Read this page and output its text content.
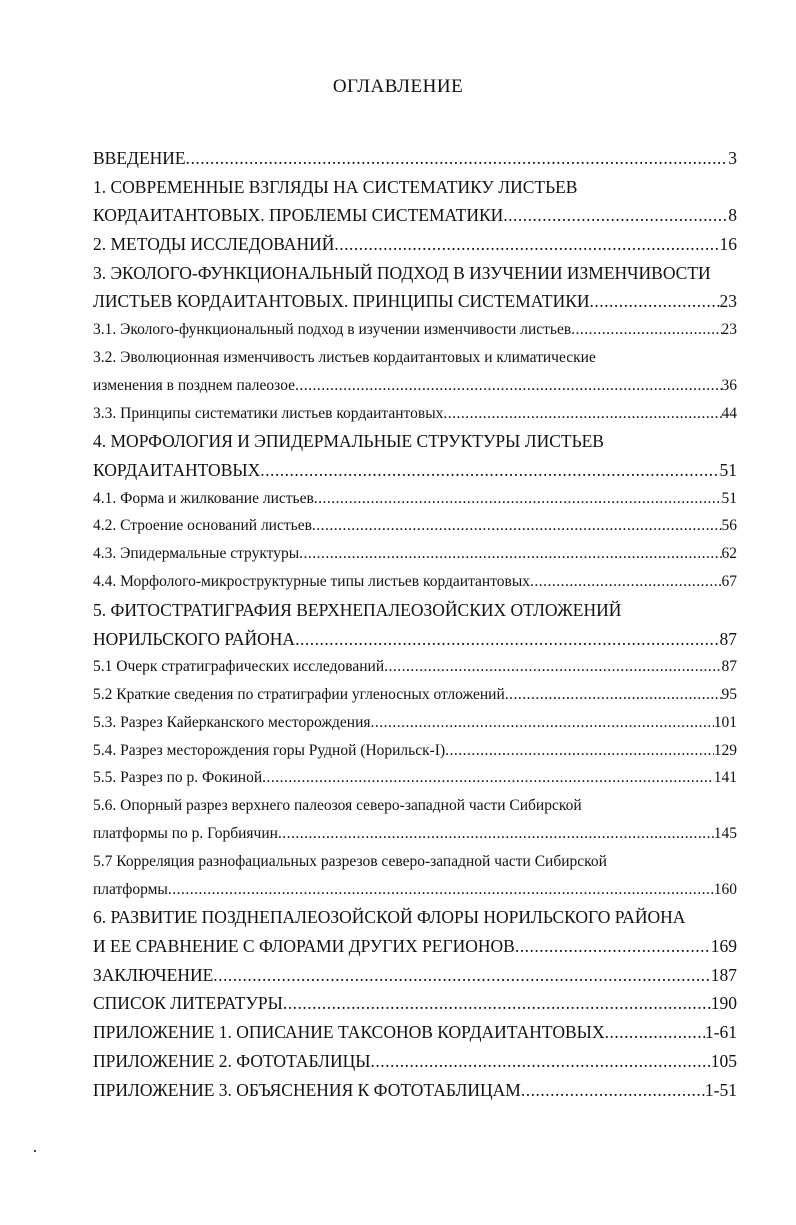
ОГЛАВЛЕНИЕ
ВВЕДЕНИЕ .....	3
1. СОВРЕМЕННЫЕ ВЗГЛЯДЫ НА СИСТЕМАТИКУ ЛИСТЬЕВ
КОРДАИТАНТОВЫХ. ПРОБЛЕМЫ СИСТЕМАТИКИ .....	8
2. МЕТОДЫ ИССЛЕДОВАНИЙ .....	16
3. ЭКОЛОГО-ФУНКЦИОНАЛЬНЫЙ ПОДХОД В ИЗУЧЕНИИ ИЗМЕНЧИВОСТИ
ЛИСТЬЕВ КОРДАИТАНТОВЫХ. ПРИНЦИПЫ СИСТЕМАТИКИ .....	23
3.1. Эколого-функциональный подход в изучении изменчивости листьев .....	23
3.2. Эволюционная изменчивость листьев кордаитантовых и климатические
изменения в позднем палеозое .....	36
3.3. Принципы систематики листьев кордаитантовых .....	44
4. МОРФОЛОГИЯ И ЭПИДЕРМАЛЬНЫЕ СТРУКТУРЫ ЛИСТЬЕВ
КОРДАИТАНТОВЫХ .....	51
4.1. Форма и жилкование листьев .....	51
4.2. Строение оснований листьев .....	56
4.3. Эпидермальные структуры .....	62
4.4. Морфолого-микроструктурные типы листьев кордаитантовых .....	67
5. ФИТОСТРАТИГРАФИЯ ВЕРХНЕПАЛЕОЗОЙСКИХ ОТЛОЖЕНИЙ
НОРИЛЬСКОГО РАЙОНА .....	87
5.1 Очерк стратиграфических исследований .....	87
5.2 Краткие сведения по стратиграфии угленосных отложений .....	95
5.3. Разрез Кайерканского месторождения .....	101
5.4. Разрез месторождения горы Рудной (Норильск-I) .....	129
5.5. Разрез по р. Фокиной .....	141
5.6. Опорный разрез верхнего палеозоя северо-западной части Сибирской
платформы по р. Горбиячин .....	145
5.7 Корреляция разнофациальных разрезов северо-западной части Сибирской
платформы .....	160
6. РАЗВИТИЕ ПОЗДНЕПАЛЕОЗОЙСКОЙ ФЛОРЫ НОРИЛЬСКОГО РАЙОНА
И ЕЕ СРАВНЕНИЕ С ФЛОРАМИ ДРУГИХ РЕГИОНОВ .....	169
ЗАКЛЮЧЕНИЕ .....	187
СПИСОК ЛИТЕРАТУРЫ .....	190
ПРИЛОЖЕНИЕ 1. ОПИСАНИЕ ТАКСОНОВ КОРДАИТАНТОВЫХ .....	1-61
ПРИЛОЖЕНИЕ 2. ФОТОТАБЛИЦЫ .....	105
ПРИЛОЖЕНИЕ 3. ОБЪЯСНЕНИЯ К ФОТОТАБЛИЦАМ .....	1-51
